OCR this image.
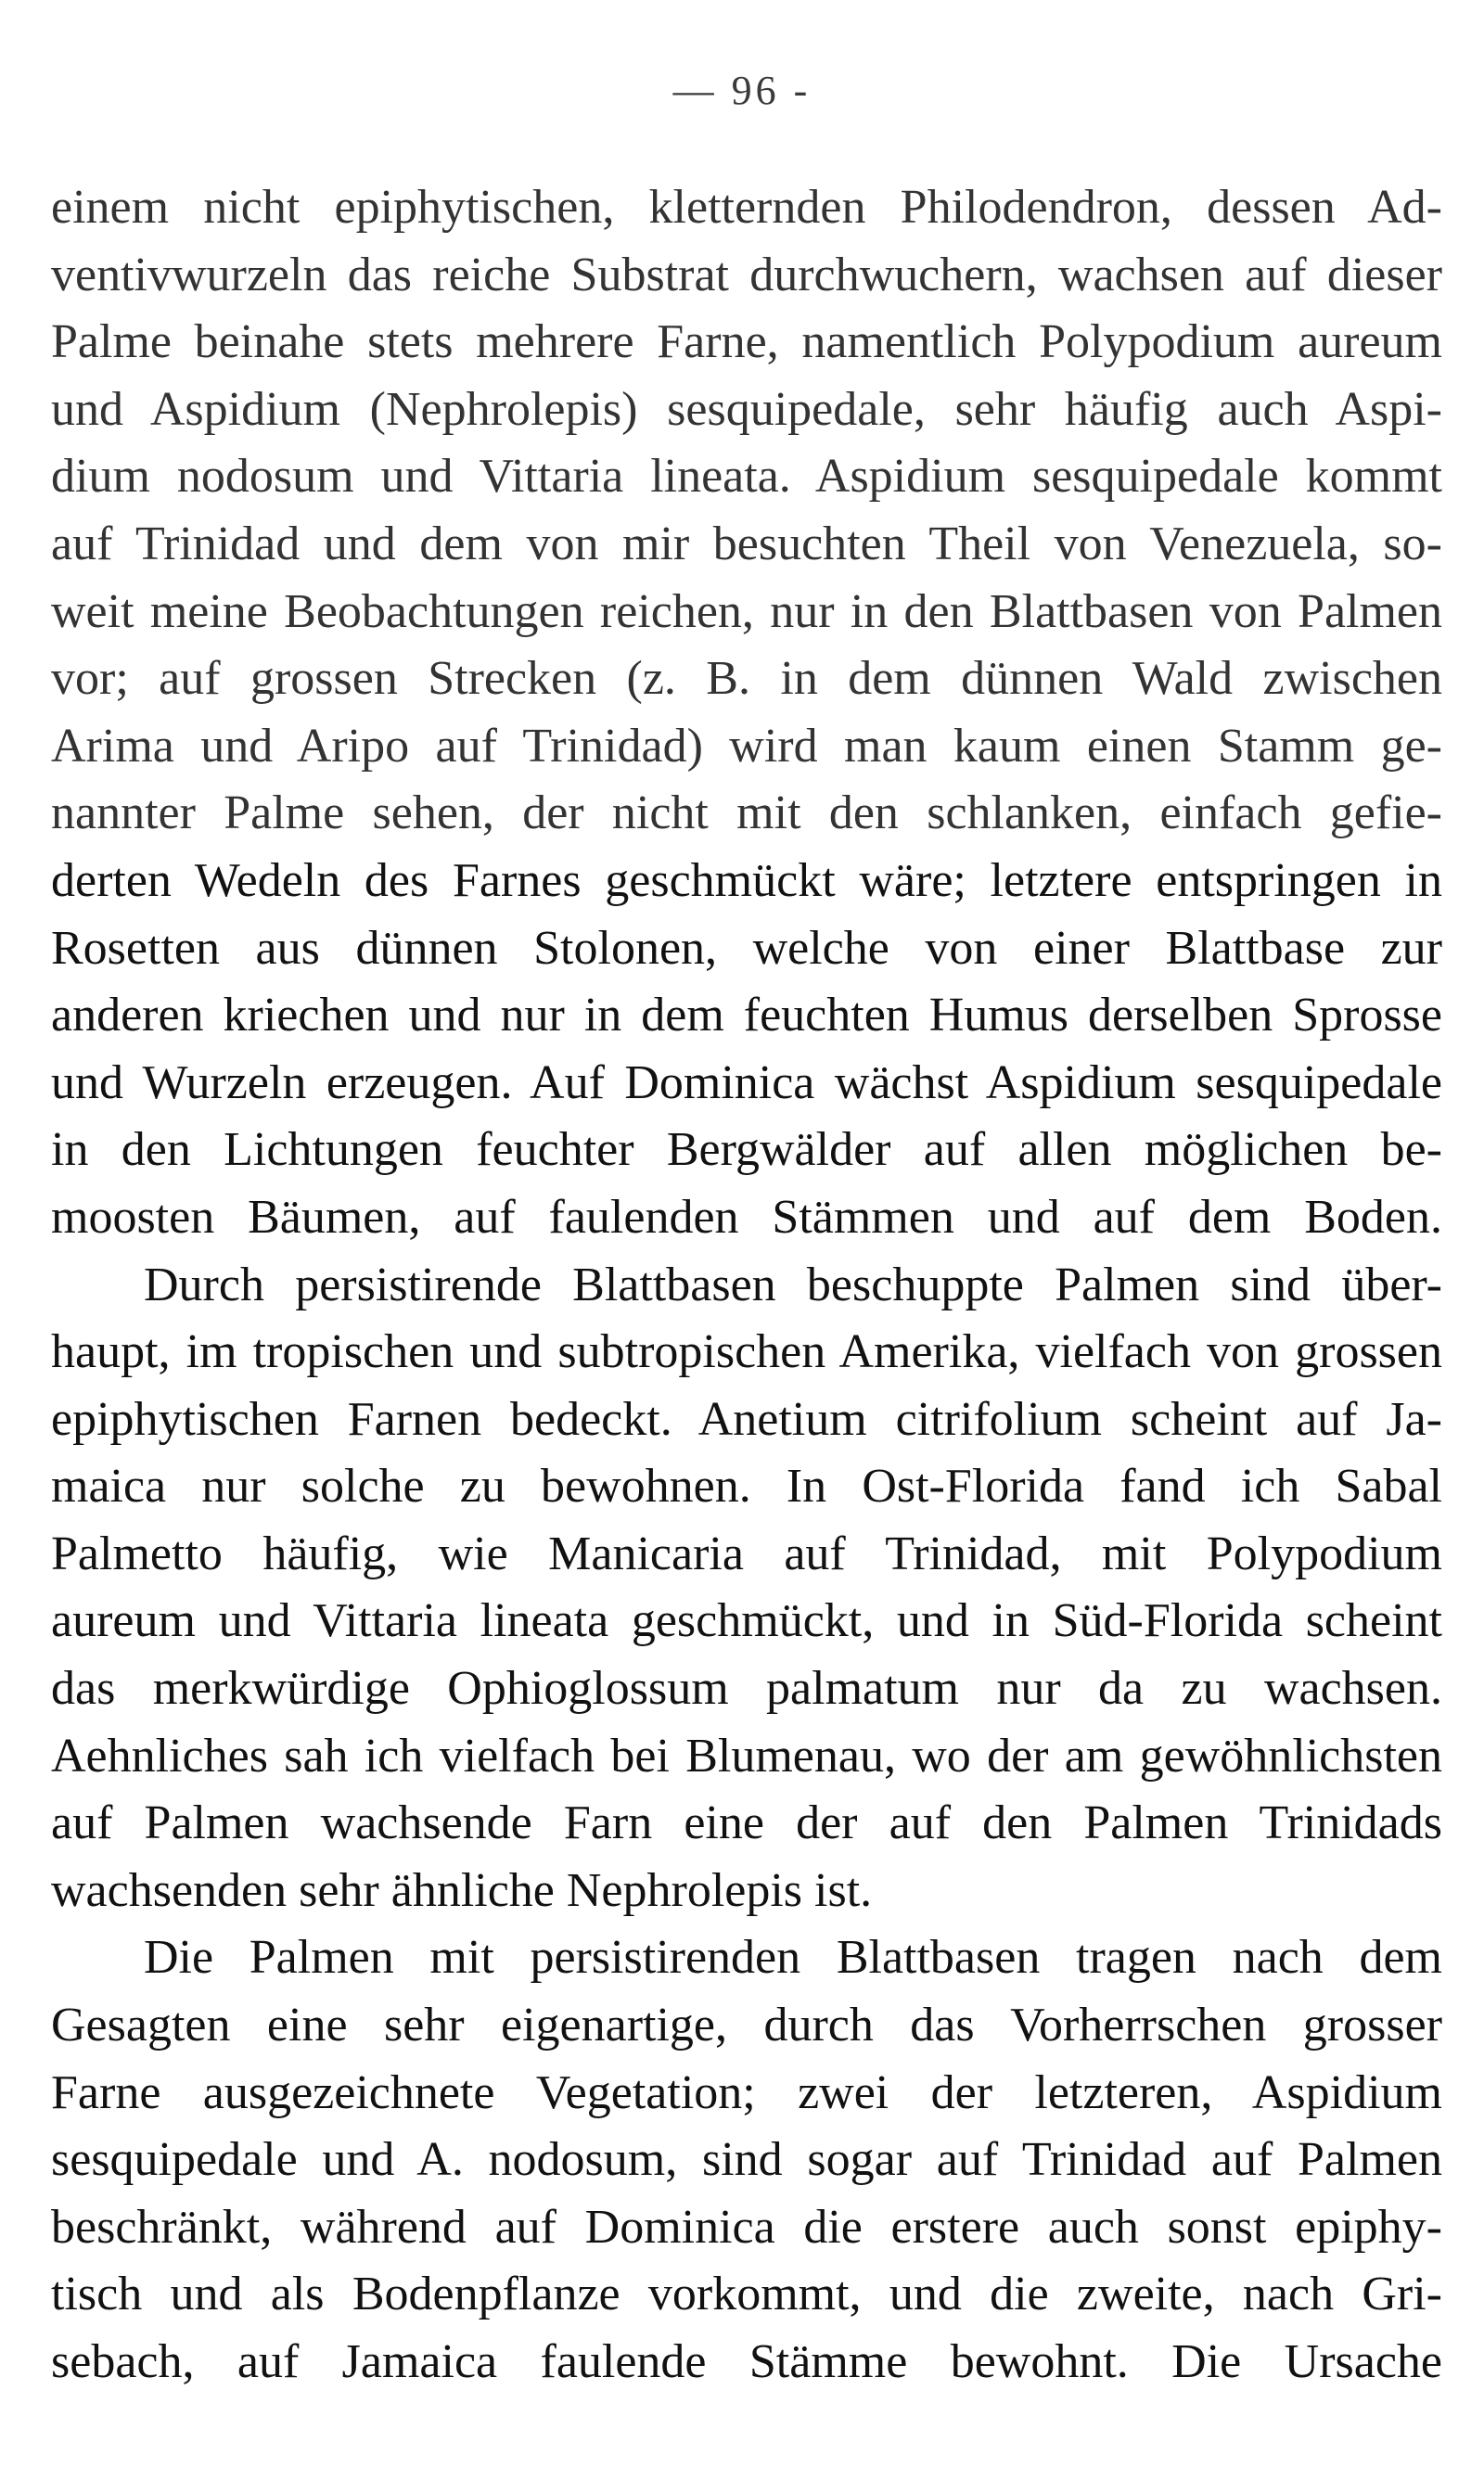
— 96 -
einem nicht epiphytischen, kletternden Philodendron, dessen Ad-
ventivwurzeln das reiche Substrat durchwuchern, wachsen auf dieser
Palme beinahe stets mehrere Farne, namentlich Polypodium aureum
und Aspidium (Nephrolepis) sesquipedale, sehr häufig auch Aspi-
dium nodosum und Vittaria lineata. Aspidium sesquipedale kommt
auf Trinidad und dem von mir besuchten Theil von Venezuela, so-
weit meine Beobachtungen reichen, nur in den Blattbasen von Palmen
vor; auf grossen Strecken (z. B. in dem dünnen Wald zwischen
Arima und Aripo auf Trinidad) wird man kaum einen Stamm ge-
nannter Palme sehen, der nicht mit den schlanken, einfach gefie-
derten Wedeln des Farnes geschmückt wäre; letztere entspringen in
Rosetten aus dünnen Stolonen, welche von einer Blattbase zur
anderen kriechen und nur in dem feuchten Humus derselben Sprosse
und Wurzeln erzeugen. Auf Dominica wächst Aspidium sesquipedale
in den Lichtungen feuchter Bergwälder auf allen möglichen be-
moosten Bäumen, auf faulenden Stämmen und auf dem Boden.
Durch persistirende Blattbasen beschuppte Palmen sind über-
haupt, im tropischen und subtropischen Amerika, vielfach von grossen
epiphytischen Farnen bedeckt. Anetium citrifolium scheint auf Ja-
maica nur solche zu bewohnen. In Ost-Florida fand ich Sabal
Palmetto häufig, wie Manicaria auf Trinidad, mit Polypodium
aureum und Vittaria lineata geschmückt, und in Süd-Florida scheint
das merkwürdige Ophioglossum palmatum nur da zu wachsen.
Aehnliches sah ich vielfach bei Blumenau, wo der am gewöhnlichsten
auf Palmen wachsende Farn eine der auf den Palmen Trinidads
wachsenden sehr ähnliche Nephrolepis ist.
Die Palmen mit persistirenden Blattbasen tragen nach dem
Gesagten eine sehr eigenartige, durch das Vorherrschen grosser
Farne ausgezeichnete Vegetation; zwei der letzteren, Aspidium
sesquipedale und A. nodosum, sind sogar auf Trinidad auf Palmen
beschränkt, während auf Dominica die erstere auch sonst epiphy-
tisch und als Bodenpflanze vorkommt, und die zweite, nach Gri-
sebach, auf Jamaica faulende Stämme bewohnt. Die Ursache
